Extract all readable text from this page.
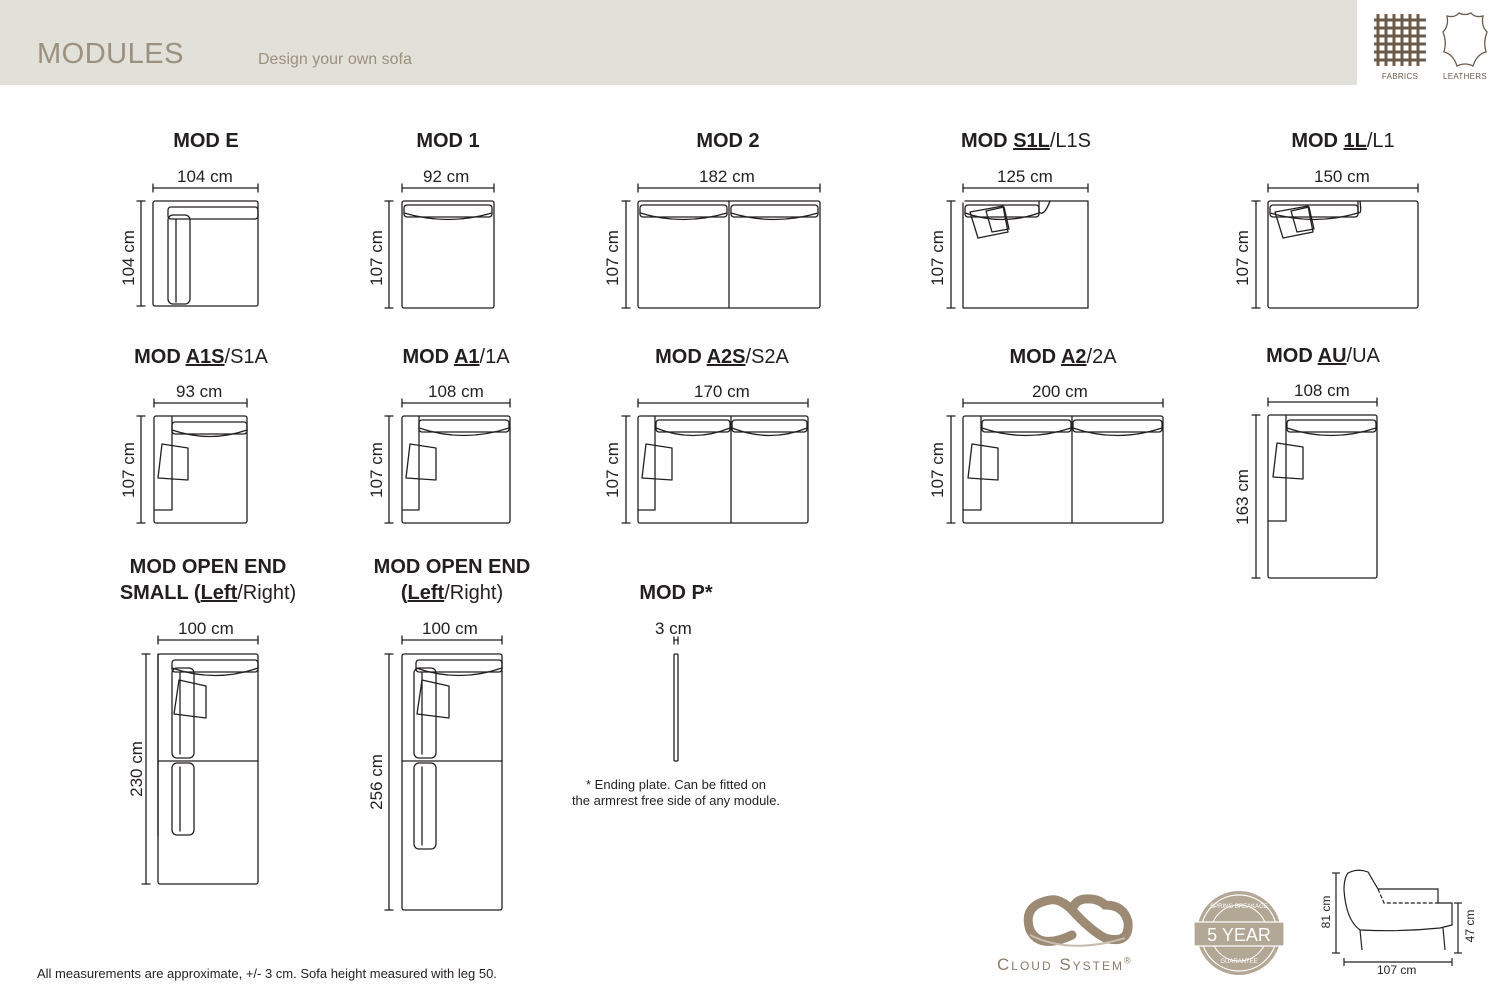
MODULES	Design your own sofa
FABRICS	LEATHERS
MOD E	MOD 1	MOD 2	MOD S1L/L1S	MOD 1L/L1
MOD A1S/S1A	MOD A1/1A	MOD A2S/S2A	MOD A2/2A	MOD AU/UA
MOD OPEN END
SMALL (Left/Right)
MOD OPEN END
(Left/Right)	MOD P*
104 cm	92 cm	182 cm	125 cm	150 cm
93 cm	108 cm	170 cm	200 cm	108 cm
100 cm	100 cm	3 cm
104 cm	107 cm	107 cm	107 cm	107 cm
107 cm	107 cm	107 cm	107 cm	163 cm
230 cm	256 cm	* Ending plate. Can be fitted on
the armrest free side of any module.
5 YEAR
SPRING BREAKAGE
GUARANTEE
81 cm	47 cm
107 cm
Cloud System®
All measurements are approximate, +/- 3 cm. Sofa height measured with leg 50.
